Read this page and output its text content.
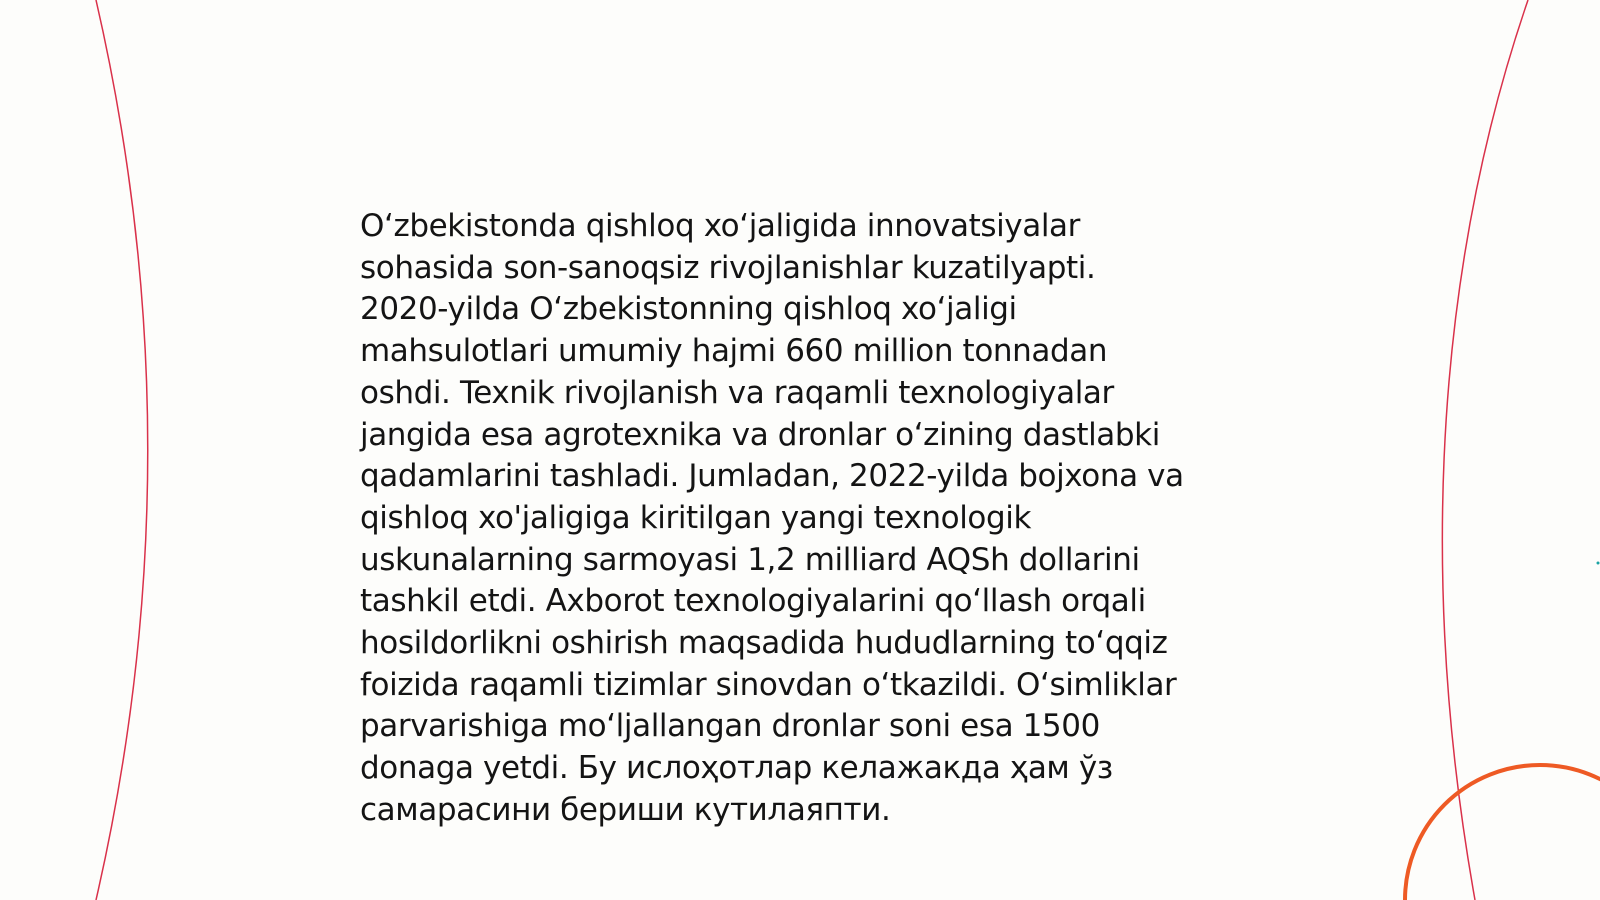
O‘zbekistonda qishloq xo‘jaligida innovatsiyalar
sohasida son-sanoqsiz rivojlanishlar kuzatilyapti.
2020-yilda O‘zbekistonning qishloq xo‘jaligi
mahsulotlari umumiy hajmi 660 million tonnadan
oshdi. Texnik rivojlanish va raqamli texnologiyalar
jangida esa agrotexnika va dronlar o‘zining dastlabki
qadamlarini tashladi. Jumladan, 2022-yilda bojxona va
qishloq xo'jaligiga kiritilgan yangi texnologik
uskunalarning sarmoyasi 1,2 milliard AQSh dollarini
tashkil etdi. Axborot texnologiyalarini qo‘llash orqali
hosildorlikni oshirish maqsadida hududlarning to‘qqiz
foizida raqamli tizimlar sinovdan o‘tkazildi. O‘simliklar
parvarishiga mo‘ljallangan dronlar soni esa 1500
donaga yetdi. Бу ислоҳотлар келажакда ҳам ўз
самарасини бериши кутилаяпти.
